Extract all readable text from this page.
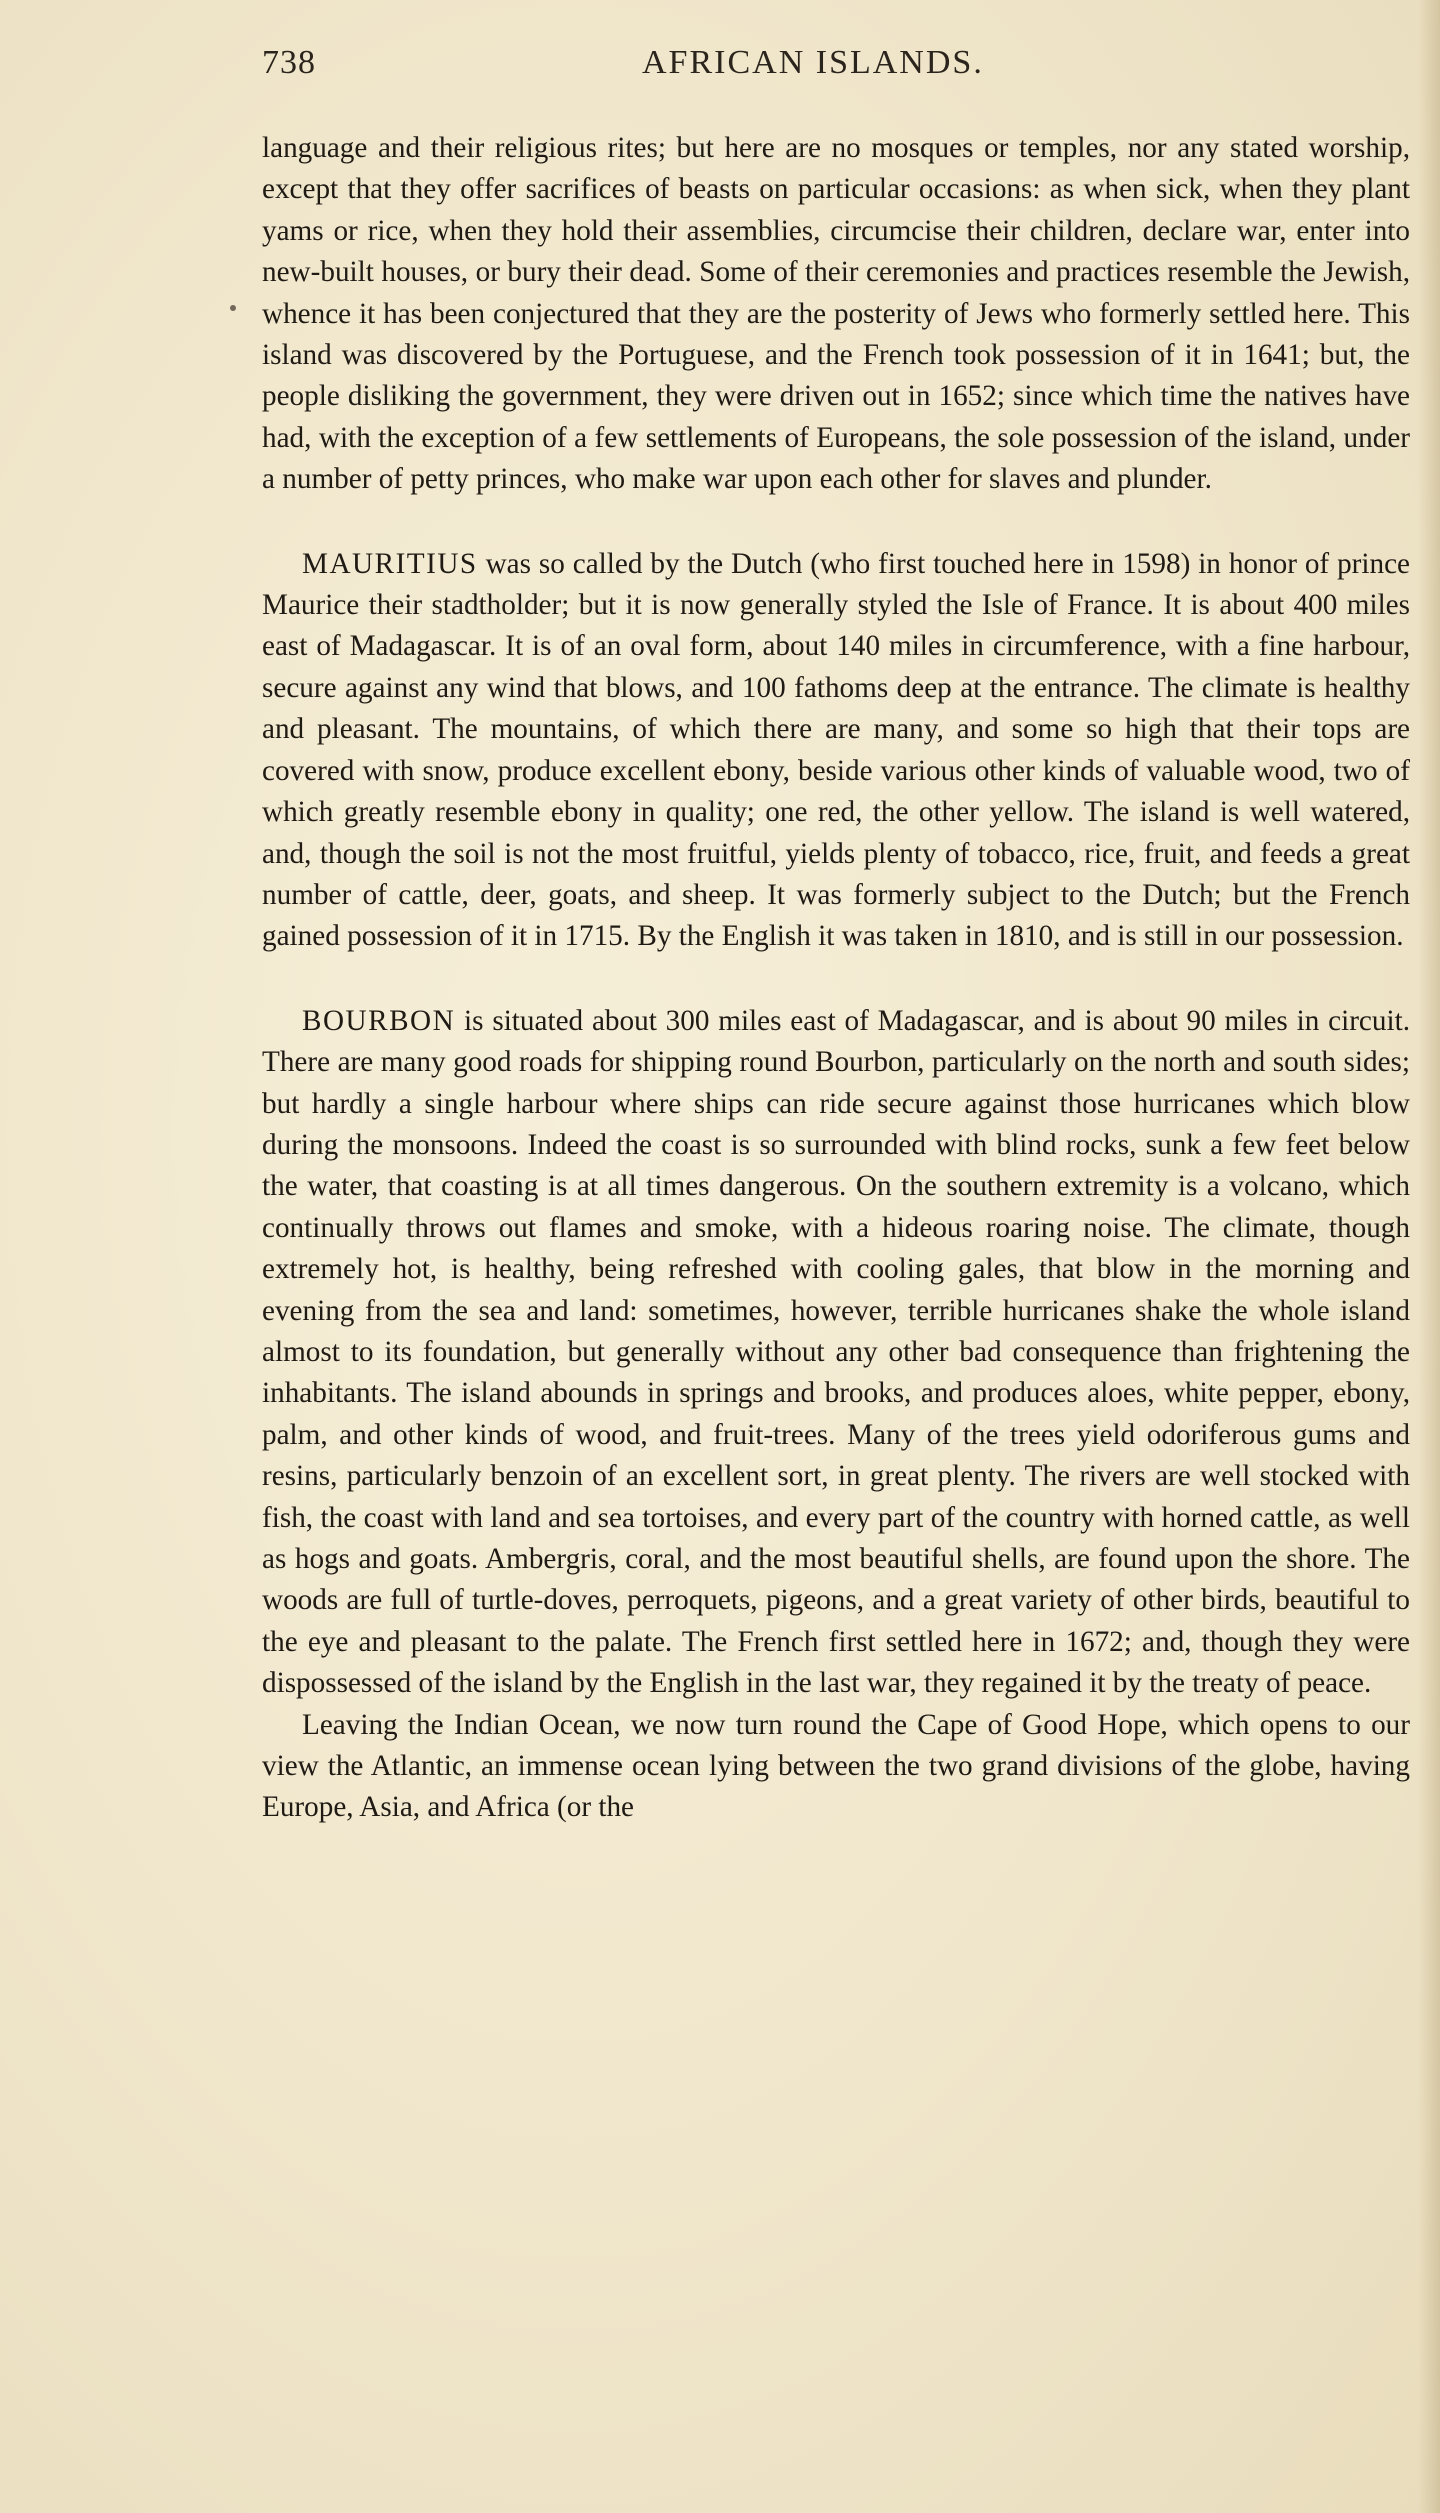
738	AFRICAN ISLANDS.

language and their religious rites; but here are no mosques or temples, nor any stated worship, except that they offer sacrifices of beasts on particular occasions: as when sick, when they plant yams or rice, when they hold their assemblies, circumcise their children, declare war, enter into new-built houses, or bury their dead. Some of their ceremonies and practices resemble the Jewish, whence it has been conjectured that they are the posterity of Jews who formerly settled here. This island was discovered by the Portuguese, and the French took possession of it in 1641; but, the people disliking the government, they were driven out in 1652; since which time the natives have had, with the exception of a few settlements of Europeans, the sole possession of the island, under a number of petty princes, who make war upon each other for slaves and plunder.

MAURITIUS was so called by the Dutch (who first touched here in 1598) in honor of prince Maurice their stadtholder; but it is now generally styled the Isle of France. It is about 400 miles east of Madagascar. It is of an oval form, about 140 miles in circumference, with a fine harbour, secure against any wind that blows, and 100 fathoms deep at the entrance. The climate is healthy and pleasant. The mountains, of which there are many, and some so high that their tops are covered with snow, produce excellent ebony, beside various other kinds of valuable wood, two of which greatly resemble ebony in quality; one red, the other yellow. The island is well watered, and, though the soil is not the most fruitful, yields plenty of tobacco, rice, fruit, and feeds a great number of cattle, deer, goats, and sheep. It was formerly subject to the Dutch; but the French gained possession of it in 1715. By the English it was taken in 1810, and is still in our possession.

BOURBON is situated about 300 miles east of Madagascar, and is about 90 miles in circuit. There are many good roads for shipping round Bourbon, particularly on the north and south sides; but hardly a single harbour where ships can ride secure against those hurricanes which blow during the monsoons. Indeed the coast is so surrounded with blind rocks, sunk a few feet below the water, that coasting is at all times dangerous. On the southern extremity is a volcano, which continually throws out flames and smoke, with a hideous roaring noise. The climate, though extremely hot, is healthy, being refreshed with cooling gales, that blow in the morning and evening from the sea and land: sometimes, however, terrible hurricanes shake the whole island almost to its foundation, but generally without any other bad consequence than frightening the inhabitants. The island abounds in springs and brooks, and produces aloes, white pepper, ebony, palm, and other kinds of wood, and fruit-trees. Many of the trees yield odoriferous gums and resins, particularly benzoin of an excellent sort, in great plenty. The rivers are well stocked with fish, the coast with land and sea tortoises, and every part of the country with horned cattle, as well as hogs and goats. Ambergris, coral, and the most beautiful shells, are found upon the shore. The woods are full of turtle-doves, perroquets, pigeons, and a great variety of other birds, beautiful to the eye and pleasant to the palate. The French first settled here in 1672; and, though they were dispossessed of the island by the English in the last war, they regained it by the treaty of peace.

Leaving the Indian Ocean, we now turn round the Cape of Good Hope, which opens to our view the Atlantic, an immense ocean lying between the two grand divisions of the globe, having Europe, Asia, and Africa (or the
